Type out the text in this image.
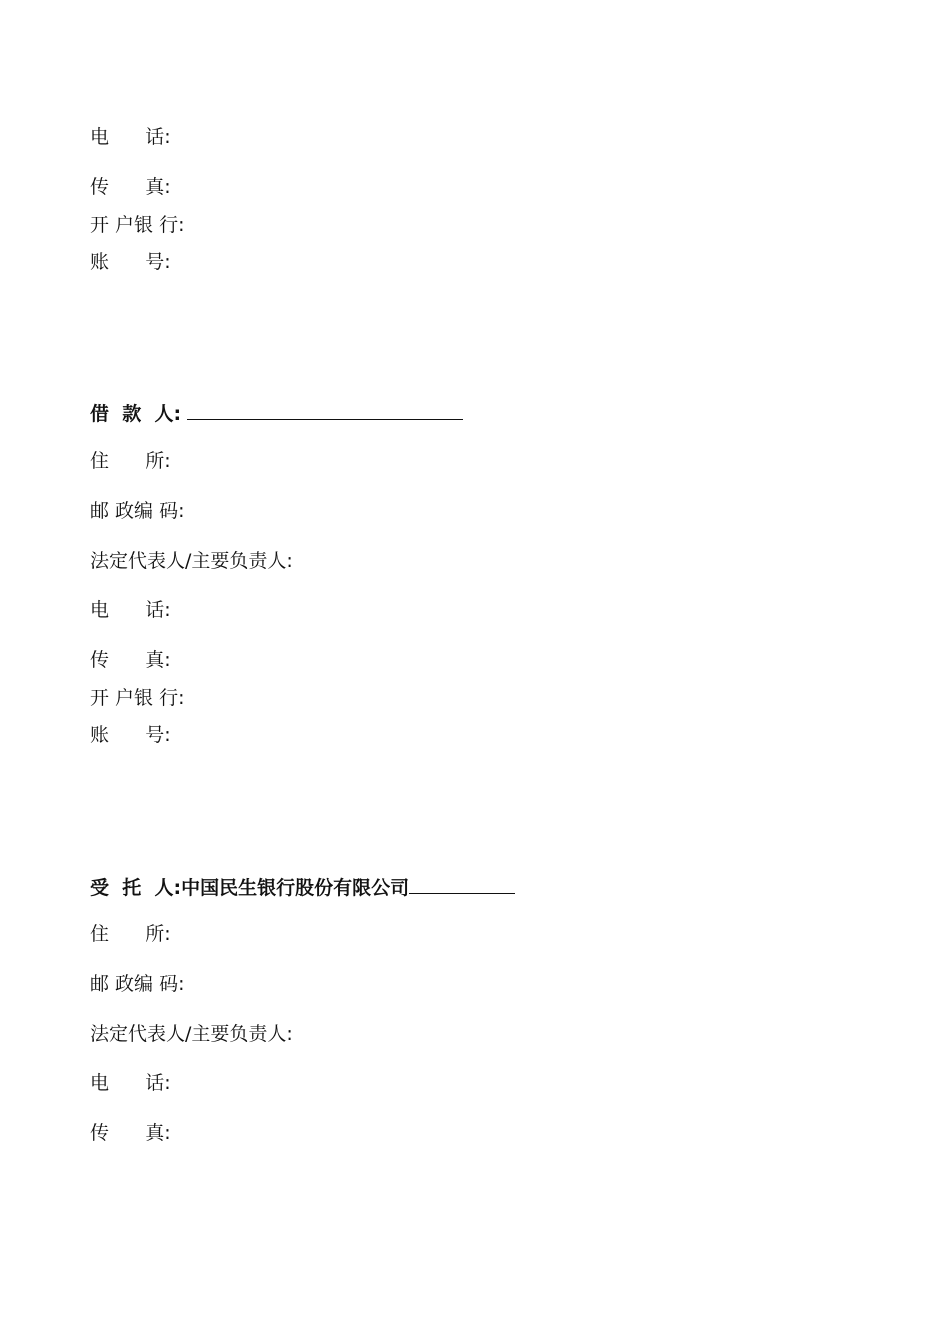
电      话:

传      真:

开 户银 行:

账      号:

借  款  人:

住      所:

邮 政编 码:

法定代表人/主要负责人:

电      话:

传      真:

开 户银 行:

账      号:

受  托  人:中国民生银行股份有限公司

住      所:

邮 政编 码:

法定代表人/主要负责人:

电      话:

传      真:
